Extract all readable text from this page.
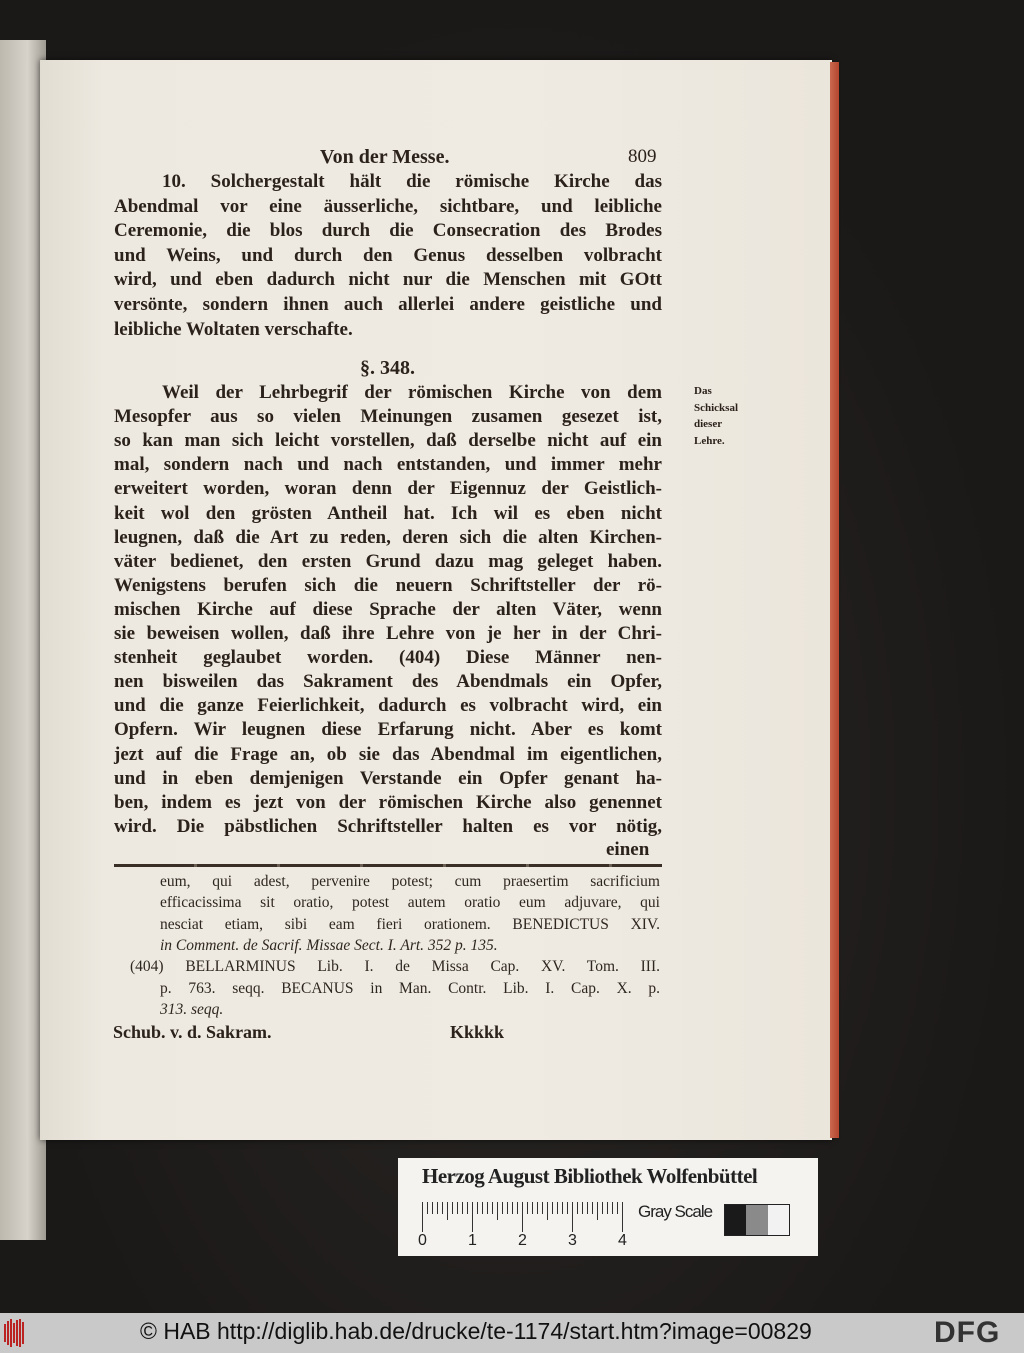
Von der Messe.	809
10. Solchergestalt hält die römische Kirche das
Abendmal vor eine äusserliche, sichtbare, und leibliche
Ceremonie, die blos durch die Consecration des Brodes
und Weins, und durch den Genus desselben volbracht
wird, und eben dadurch nicht nur die Menschen mit GOtt
versönte, sondern ihnen auch allerlei andere geistliche und
leibliche Woltaten verschafte.
§. 348.
Weil der Lehrbegrif der römischen Kirche von dem
Mesopfer aus so vielen Meinungen zusamen gesezet ist,
so kan man sich leicht vorstellen, daß derselbe nicht auf ein
mal, sondern nach und nach entstanden, und immer mehr
erweitert worden, woran denn der Eigennuz der Geistlich-
keit wol den grösten Antheil hat. Ich wil es eben nicht
leugnen, daß die Art zu reden, deren sich die alten Kirchen-
väter bedienet, den ersten Grund dazu mag geleget haben.
Wenigstens berufen sich die neuern Schriftsteller der rö-
mischen Kirche auf diese Sprache der alten Väter, wenn
sie beweisen wollen, daß ihre Lehre von je her in der Chri-
stenheit geglaubet worden. (404) Diese Männer nen-
nen bisweilen das Sakrament des Abendmals ein Opfer,
und die ganze Feierlichkeit, dadurch es volbracht wird, ein
Opfern. Wir leugnen diese Erfarung nicht. Aber es komt
jezt auf die Frage an, ob sie das Abendmal im eigentlichen,
und in eben demjenigen Verstande ein Opfer genant ha-
ben, indem es jezt von der römischen Kirche also genennet
wird. Die päbstlichen Schriftsteller halten es vor nötig,
Das
Schicksal
dieser
Lehre.
einen
eum, qui adest, pervenire potest; cum praesertim sacrificium
efficacissima sit oratio, potest autem oratio eum adjuvare, qui
nesciat etiam, sibi eam fieri orationem. BENEDICTUS XIV.
in Comment. de Sacrif. Missae Sect. I. Art. 352 p. 135.
(404) BELLARMINUS Lib. I. de Missa Cap. XV. Tom. III.
p. 763. seqq. BECANUS in Man. Contr. Lib. I. Cap. X. p.
313. seqq.
Schub. v. d. Sakram.	Kkkkk
Herzog August Bibliothek Wolfenbüttel
Gray Scale
0	1	2	3	4
© HAB http://diglib.hab.de/drucke/te-1174/start.htm?image=00829	DFG
